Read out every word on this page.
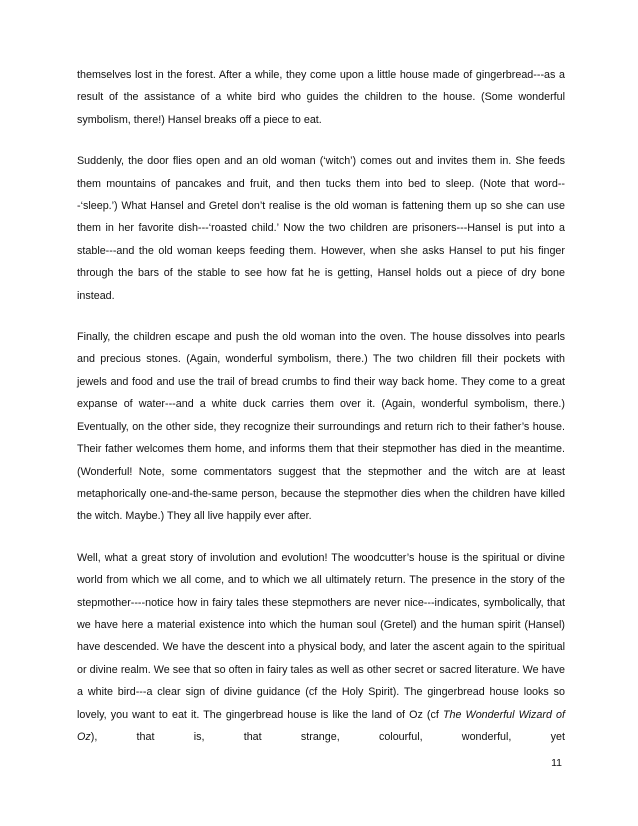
themselves lost in the forest. After a while, they come upon a little house made of gingerbread---as a result of the assistance of a white bird who guides the children to the house. (Some wonderful symbolism, there!) Hansel breaks off a piece to eat.

Suddenly, the door flies open and an old woman (‘witch’) comes out and invites them in. She feeds them mountains of pancakes and fruit, and then tucks them into bed to sleep. (Note that word---‘sleep.’) What Hansel and Gretel don’t realise is the old woman is fattening them up so she can use them in her favorite dish---‘roasted child.’ Now the two children are prisoners---Hansel is put into a stable---and the old woman keeps feeding them. However, when she asks Hansel to put his finger through the bars of the stable to see how fat he is getting, Hansel holds out a piece of dry bone instead.

Finally, the children escape and push the old woman into the oven. The house dissolves into pearls and precious stones. (Again, wonderful symbolism, there.) The two children fill their pockets with jewels and food and use the trail of bread crumbs to find their way back home. They come to a great expanse of water---and a white duck carries them over it. (Again, wonderful symbolism, there.) Eventually, on the other side, they recognize their surroundings and return rich to their father’s house. Their father welcomes them home, and informs them that their stepmother has died in the meantime. (Wonderful! Note, some commentators suggest that the stepmother and the witch are at least metaphorically one-and-the-same person, because the stepmother dies when the children have killed the witch. Maybe.) They all live happily ever after.

Well, what a great story of involution and evolution! The woodcutter’s house is the spiritual or divine world from which we all come, and to which we all ultimately return. The presence in the story of the stepmother----notice how in fairy tales these stepmothers are never nice---indicates, symbolically, that we have here a material existence into which the human soul (Gretel) and the human spirit (Hansel) have descended. We have the descent into a physical body, and later the ascent again to the spiritual or divine realm. We see that so often in fairy tales as well as other secret or sacred literature. We have a white bird---a clear sign of divine guidance (cf the Holy Spirit). The gingerbread house looks so lovely, you want to eat it. The gingerbread house is like the land of Oz (cf The Wonderful Wizard of Oz), that is, that strange, colourful, wonderful, yet

11
